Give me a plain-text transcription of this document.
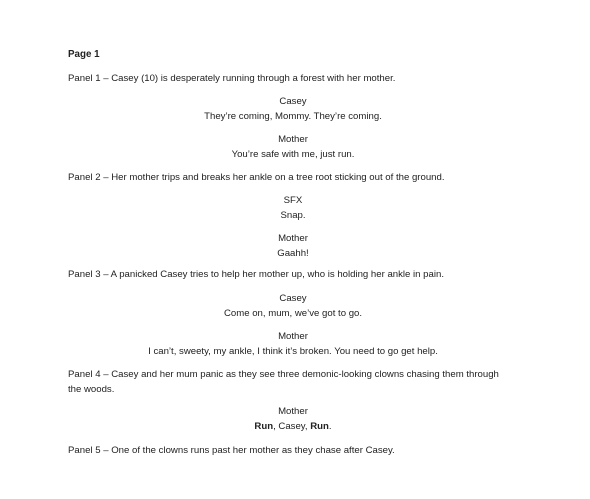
Page 1
Panel 1 – Casey (10) is desperately running through a forest with her mother.
Casey
They’re coming, Mommy. They’re coming.
Mother
You’re safe with me, just run.
Panel 2 – Her mother trips and breaks her ankle on a tree root sticking out of the ground.
SFX
Snap.
Mother
Gaahh!
Panel 3 – A panicked Casey tries to help her mother up, who is holding her ankle in pain.
Casey
Come on, mum, we’ve got to go.
Mother
I can’t, sweety, my ankle, I think it’s broken. You need to go get help.
Panel 4 – Casey and her mum panic as they see three demonic-looking clowns chasing them through the woods.
Mother
Run, Casey, Run.
Panel 5 – One of the clowns runs past her mother as they chase after Casey.
